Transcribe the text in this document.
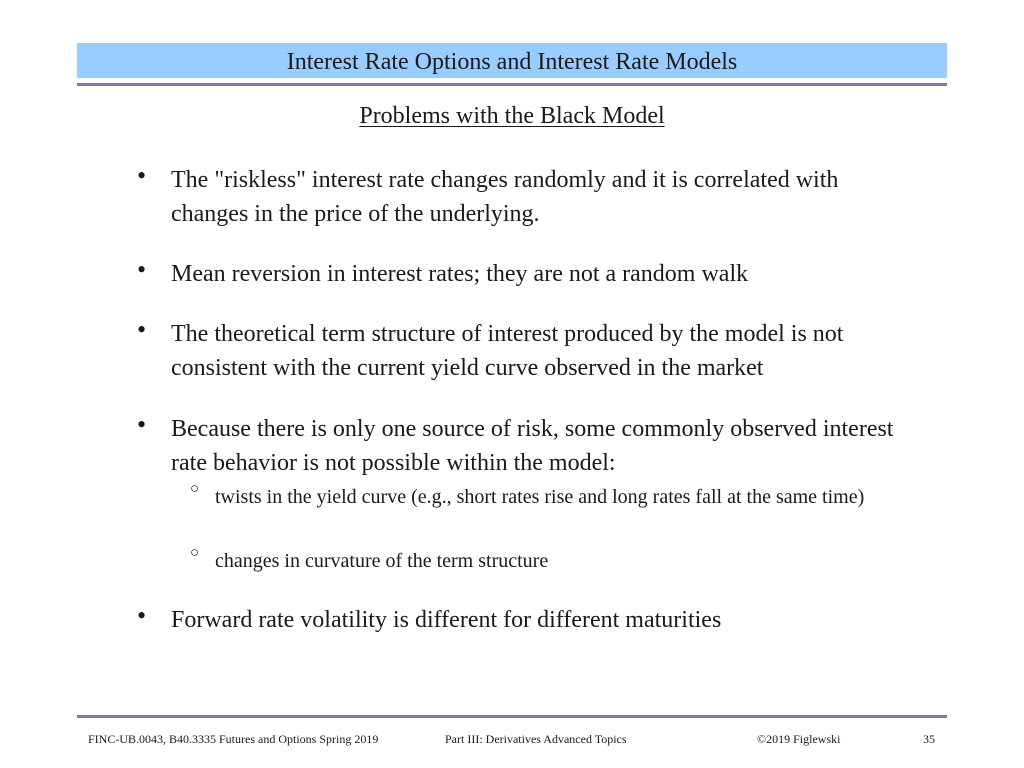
Interest Rate Options and Interest Rate Models
Problems with the Black Model
• The "riskless" interest rate changes randomly and it is correlated with changes in the price of the underlying.
• Mean reversion in interest rates; they are not a random walk
• The theoretical term structure of interest produced by the model is not consistent with the current yield curve observed in the market
• Because there is only one source of risk, some commonly observed interest rate behavior is not possible within the model:
○ twists in the yield curve (e.g., short rates rise and long rates fall at the same time)
○ changes in curvature of the term structure
• Forward rate volatility is different for different maturities
FINC-UB.0043, B40.3335 Futures and Options Spring 2019	Part III: Derivatives Advanced Topics	©2019 Figlewski	35
